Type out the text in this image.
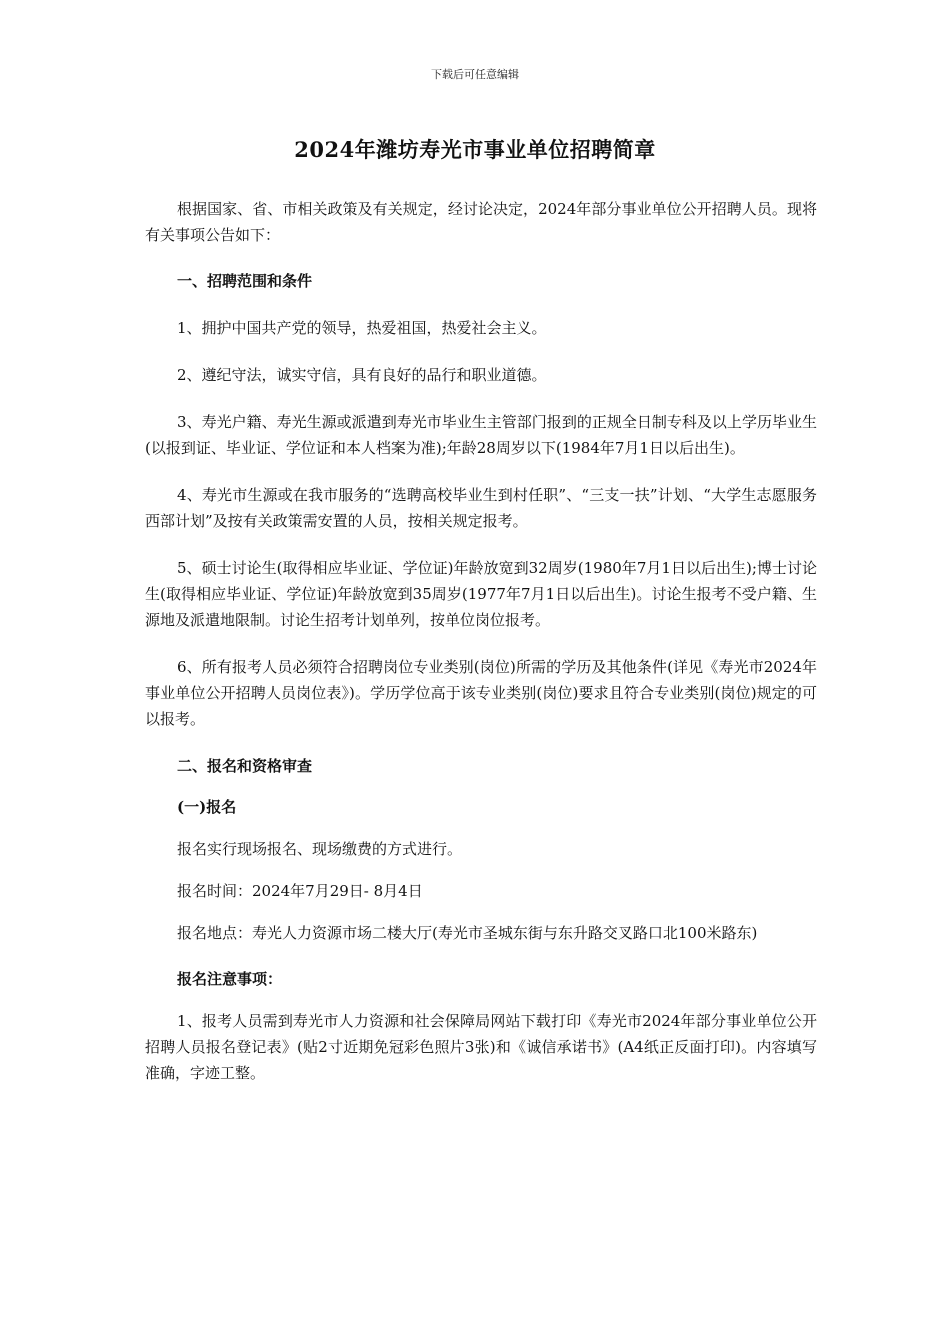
下载后可任意编辑
2024年潍坊寿光市事业单位招聘简章

根据国家、省、市相关政策及有关规定，经讨论决定，2024年部分事业单位公开招聘人员。现将有关事项公告如下：

一、招聘范围和条件

1、拥护中国共产党的领导，热爱祖国，热爱社会主义。

2、遵纪守法，诚实守信，具有良好的品行和职业道德。

3、寿光户籍、寿光生源或派遣到寿光市毕业生主管部门报到的正规全日制专科及以上学历毕业生(以报到证、毕业证、学位证和本人档案为准);年龄28周岁以下(1984年7月1日以后出生)。

4、寿光市生源或在我市服务的“选聘高校毕业生到村任职”、“三支一扶”计划、“大学生志愿服务西部计划”及按有关政策需安置的人员，按相关规定报考。

5、硕士讨论生(取得相应毕业证、学位证)年龄放宽到32周岁(1980年7月1日以后出生);博士讨论生(取得相应毕业证、学位证)年龄放宽到35周岁(1977年7月1日以后出生)。讨论生报考不受户籍、生源地及派遣地限制。讨论生招考计划单列，按单位岗位报考。

6、所有报考人员必须符合招聘岗位专业类别(岗位)所需的学历及其他条件(详见《寿光市2024年事业单位公开招聘人员岗位表》)。学历学位高于该专业类别(岗位)要求且符合专业类别(岗位)规定的可以报考。

二、报名和资格审查

(一)报名

报名实行现场报名、现场缴费的方式进行。

报名时间：2024年7月29日- 8月4日

报名地点：寿光人力资源市场二楼大厅(寿光市圣城东街与东升路交叉路口北100米路东)

报名注意事项：

1、报考人员需到寿光市人力资源和社会保障局网站下载打印《寿光市2024年部分事业单位公开招聘人员报名登记表》(贴2寸近期免冠彩色照片3张)和《诚信承诺书》(A4纸正反面打印)。内容填写准确，字迹工整。
